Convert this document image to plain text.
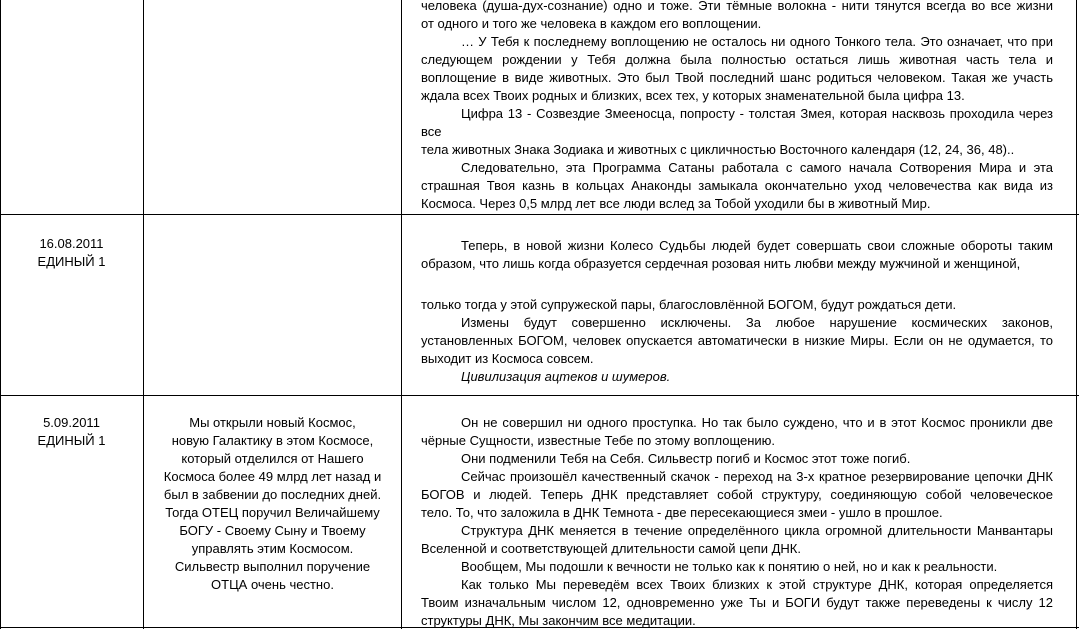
человека (душа-дух-сознание) одно и тоже. Эти тёмные волокна - нити тянутся всегда во все жизни

от одного и того же человека в каждом его воплощении.

… У Тебя к последнему воплощению не осталось ни одного Тонкого тела. Это означает, что при

следующем рождении у Тебя должна была полностью остаться лишь животная часть тела и

воплощение в виде животных. Это был Твой последний шанс родиться человеком. Такая же участь

ждала всех Твоих родных и близких, всех тех, у которых знаменательной была цифра 13.

Цифра 13 - Созвездие Змееносца, попросту - толстая Змея, которая насквозь проходила через все

тела животных Знака Зодиака и животных с цикличностью Восточного календаря (12, 24, 36, 48)..

Следовательно, эта Программа Сатаны работала с самого начала Сотворения Мира и эта

страшная Твоя казнь в кольцах Анаконды замыкала окончательно уход человечества как вида из

Космоса. Через 0,5 млрд лет все люди вслед за Тобой уходили бы в животный Мир.

16.08.2011
ЕДИНЫЙ 1

Теперь, в новой жизни Колесо Судьбы людей будет совершать свои сложные обороты таким

образом, что лишь когда образуется сердечная розовая нить любви между мужчиной и женщиной,

только тогда у этой супружеской пары, благословлённой БОГОМ, будут рождаться дети.

Измены будут совершенно исключены. За любое нарушение космических законов,

установленных БОГОМ, человек опускается автоматически в низкие Миры. Если он не одумается, то

выходит из Космоса совсем.

Цивилизация ацтеков и шумеров.

5.09.2011
ЕДИНЫЙ 1
Мы открыли новый Космос,
новую Галактику в этом Космосе,
который отделился от Нашего
Космоса более 49 млрд лет назад и
был в забвении до последних дней.
Тогда ОТЕЦ поручил Величайшему
БОГУ - Своему Сыну и Твоему
управлять этим Космосом.
Сильвестр выполнил поручение
ОТЦА очень честно.

Он не совершил ни одного проступка. Но так было суждено, что и в этот Космос проникли две

чёрные Сущности, известные Тебе по этому воплощению.

Они подменили Тебя на Себя. Сильвестр погиб и Космос этот тоже погиб.

Сейчас произошёл качественный скачок - переход на 3-х кратное резервирование цепочки ДНК

БОГОВ и людей. Теперь ДНК представляет собой структуру, соединяющую собой человеческое

тело. То, что заложила в ДНК Темнота - две пересекающиеся змеи - ушло в прошлое.

Структура ДНК меняется в течение определённого цикла огромной длительности Манвантары

Вселенной и соответствующей длительности самой цепи ДНК.

Вообщем, Мы подошли к вечности не только как к понятию о ней, но и как к реальности.

Как только Мы переведём всех Твоих близких к этой структуре ДНК, которая определяется

Твоим изначальным числом 12, одновременно уже Ты и БОГИ будут также переведены к числу 12

структуры ДНК, Мы закончим все медитации.
